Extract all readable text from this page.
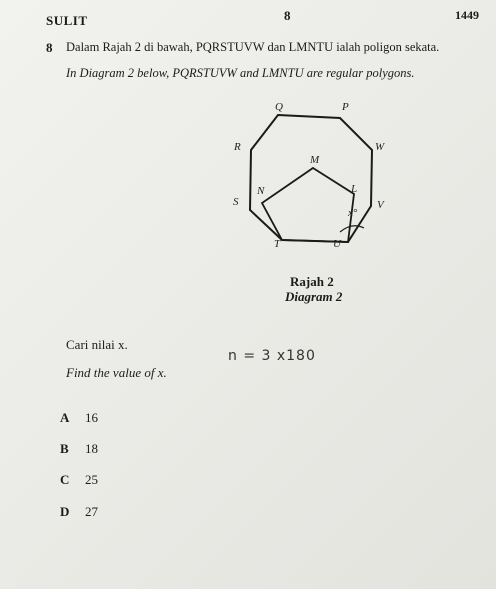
SULIT	8	1449
8 Dalam Rajah 2 di bawah, PQRSTUVW dan LMNTU ialah poligon sekata.
In Diagram 2 below, PQRSTUVW and LMNTU are regular polygons.
Q	P
R	W
S	V
T	U
M
N	L
x°
Rajah 2
Diagram 2
Cari nilai x.
n = 3 x180
Find the value of x.
A 16
B 18
C 25
D 27
